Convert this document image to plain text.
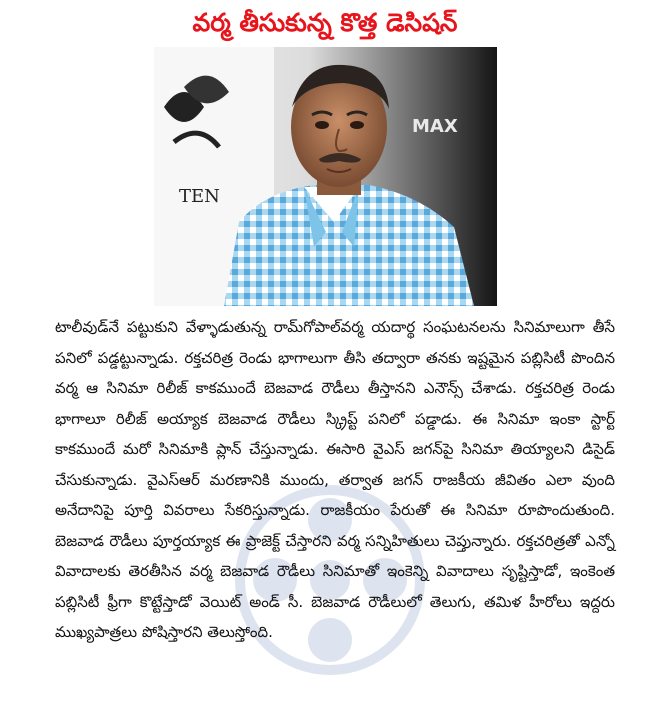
వర్మ తీసుకున్న కొత్త డెసిషన్
TEN
MAX

టాలీవుడ్‌నే పట్టుకుని వేళ్ళాడుతున్న రామ్‌గోపాల్‌వర్మ యదార్థ సంఘటనలను సినిమాలుగా తీసే పనిలో పడ్డట్టున్నాడు. రక్తచరిత్ర రెండు భాగాలుగా తీసి తద్వారా తనకు ఇష్టమైన పబ్లిసిటీ పొందిన వర్మ ఆ సినిమా రిలీజ్ కాకముందే బెజవాడ రౌడీలు తీస్తానని ఎనౌన్స్ చేశాడు. రక్తచరిత్ర రెండు భాగాలూ రిలీజ్ అయ్యాక బెజవాడ రౌడీలు స్క్రిప్ట్ పనిలో పడ్డాడు. ఈ సినిమా ఇంకా స్టార్ట్ కాకముందే మరో సినిమాకి ప్లాన్ చేస్తున్నాడు. ఈసారి వైఎస్ జగన్‌పై సినిమా తియ్యాలని డిసైడ్ చేసుకున్నాడు. వైఎస్ఆర్ మరణానికి ముందు, తర్వాత జగన్ రాజకీయ జీవితం ఎలా వుంది అనేదానిపై పూర్తి వివరాలు సేకరిస్తున్నాడు. రాజకీయం పేరుతో ఈ సినిమా రూపొందుతుంది. బెజవాడ రౌడీలు పూర్తయ్యాక ఈ ప్రాజెక్ట్ చేస్తారని వర్మ సన్నిహితులు చెప్తున్నారు. రక్తచరిత్రతో ఎన్నో వివాదాలకు తెరతీసిన వర్మ బెజవాడ రౌడీలు సినిమాతో ఇంకెన్ని వివాదాలు సృష్టిస్తాడో, ఇంకెంత పబ్లిసిటీ ఫ్రీగా కొట్టేస్తాడో వెయిట్ అండ్ సీ. బెజవాడ రౌడీలులో తెలుగు, తమిళ హీరోలు ఇద్దరు ముఖ్యపాత్రలు పోషిస్తారని తెలుస్తోంది.
